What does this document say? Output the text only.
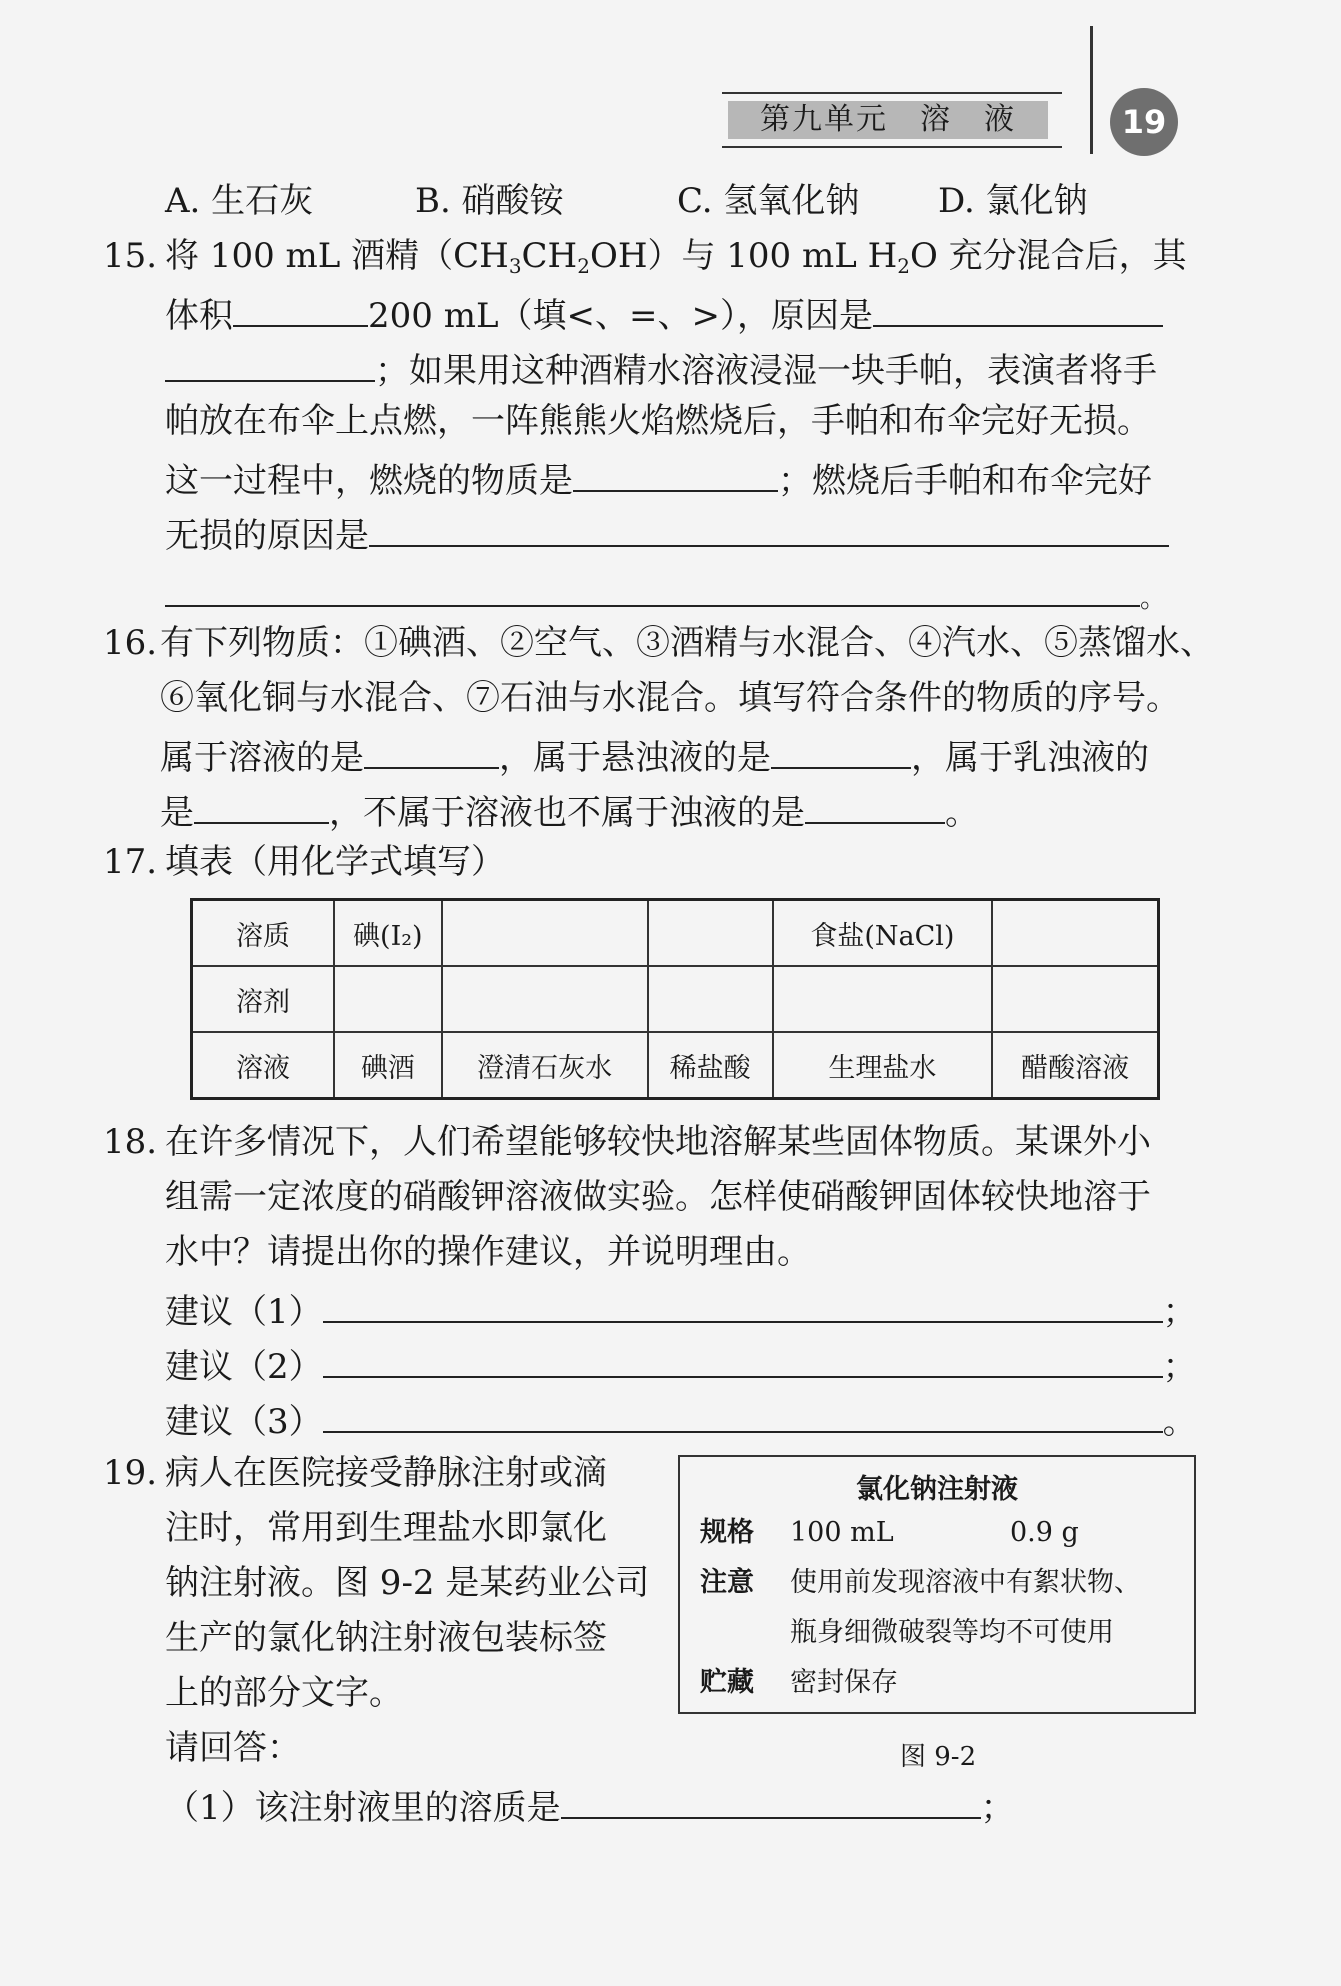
第九单元　溶　液	19
A. 生石灰	B. 硝酸铵	C. 氢氧化钠 D. 氯化钠
15. 将 100 mL 酒精$(CH_3CH_2OH)$与 100 mL $H_2O$ 充分混合后，其
体积	200 mL（填<、=、>），原因是
；如果用这种酒精水溶液浸湿一块手帕，表演者将手
帕放在布伞上点燃，一阵熊熊火焰燃烧后，手帕和布伞完好无损。
这一过程中，燃烧的物质是	；燃烧后手帕和布伞完好
无损的原因是
。
16. 有下列物质：①碘酒、②空气、③酒精与水混合、④汽水、⑤蒸馏水、
⑥氧化铜与水混合、⑦石油与水混合。填写符合条件的物质的序号。
属于溶液的是	，属于悬浊液的是	，属于乳浊液的
是	，不属于溶液也不属于浊液的是	。
17. 填表（用化学式填写）
溶质	碘(I₂)			食盐(NaCl)	
溶剂					
溶液	碘酒	澄清石灰水	稀盐酸	生理盐水	醋酸溶液
18. 在许多情况下，人们希望能够较快地溶解某些固体物质。某课外小
组需一定浓度的硝酸钾溶液做实验。怎样使硝酸钾固体较快地溶于
水中？请提出你的操作建议，并说明理由。
建议（1）	；
建议（2）	；
建议（3）	。
19. 病人在医院接受静脉注射或滴
注时，常用到生理盐水即氯化
钠注射液。图 9-2 是某药业公司
生产的氯化钠注射液包装标签
上的部分文字。
请回答：
（1）该注射液里的溶质是	；
氯化钠注射液
规格 100 mL	0.9 g
注意 使用前发现溶液中有絮状物、
瓶身细微破裂等均不可使用
贮藏 密封保存
图 9-2
